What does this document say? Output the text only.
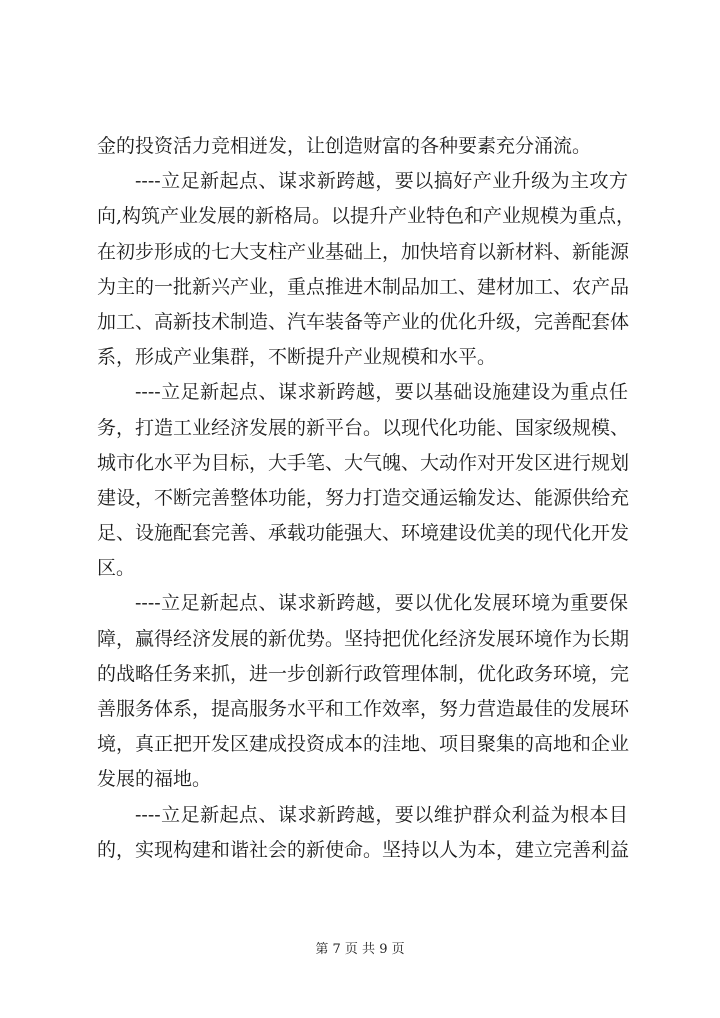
金的投资活力竞相迸发，让创造财富的各种要素充分涌流。
----立足新起点、谋求新跨越，要以搞好产业升级为主攻方
向,构筑产业发展的新格局。以提升产业特色和产业规模为重点，
在初步形成的七大支柱产业基础上，加快培育以新材料、新能源
为主的一批新兴产业，重点推进木制品加工、建材加工、农产品
加工、高新技术制造、汽车装备等产业的优化升级，完善配套体
系，形成产业集群，不断提升产业规模和水平。
----立足新起点、谋求新跨越，要以基础设施建设为重点任
务，打造工业经济发展的新平台。以现代化功能、国家级规模、
城市化水平为目标，大手笔、大气魄、大动作对开发区进行规划
建设，不断完善整体功能，努力打造交通运输发达、能源供给充
足、设施配套完善、承载功能强大、环境建设优美的现代化开发
区。
----立足新起点、谋求新跨越，要以优化发展环境为重要保
障，赢得经济发展的新优势。坚持把优化经济发展环境作为长期
的战略任务来抓，进一步创新行政管理体制，优化政务环境，完
善服务体系，提高服务水平和工作效率，努力营造最佳的发展环
境，真正把开发区建成投资成本的洼地、项目聚集的高地和企业
发展的福地。
----立足新起点、谋求新跨越，要以维护群众利益为根本目
的，实现构建和谐社会的新使命。坚持以人为本，建立完善利益
第 7 页 共 9 页
